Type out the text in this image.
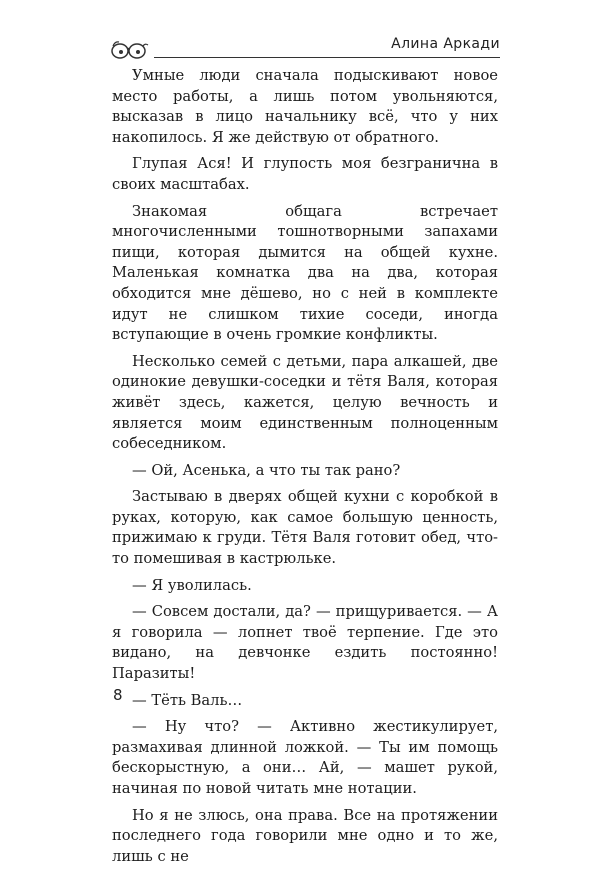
Алина Аркади

Умные люди сначала подыскивают новое место работы, а лишь потом увольняются, высказав в лицо начальнику всё, что у них накопилось. Я же действую от обратного.

Глупая Ася! И глупость моя безгранична в своих масштабах.

Знакомая общага встречает многочисленными тошнотворными запахами пищи, которая дымится на общей кухне. Маленькая комнатка два на два, которая обходится мне дёшево, но с ней в комплекте идут не слишком тихие соседи, иногда вступающие в очень громкие конфликты.

Несколько семей с детьми, пара алкашей, две одинокие девушки-соседки и тётя Валя, которая живёт здесь, кажется, целую вечность и является моим единственным полноценным собеседником.

— Ой, Асенька, а что ты так рано?

Застываю в дверях общей кухни с коробкой в руках, которую, как самое большую ценность, прижимаю к груди. Тётя Валя готовит обед, что-то помешивая в кастрюльке.

— Я уволилась.

— Совсем достали, да? — прищуривается. — А я говорила — лопнет твоё терпение. Где это видано, на девчонке ездить постоянно! Паразиты!

— Тёть Валь…

— Ну что? — Активно жестикулирует, размахивая длинной ложкой. — Ты им помощь бескорыстную, а они… Ай, — машет рукой, начиная по новой читать мне нотации.

Но я не злюсь, она права. Все на протяжении последнего года говорили мне одно и то же, лишь с не

8
